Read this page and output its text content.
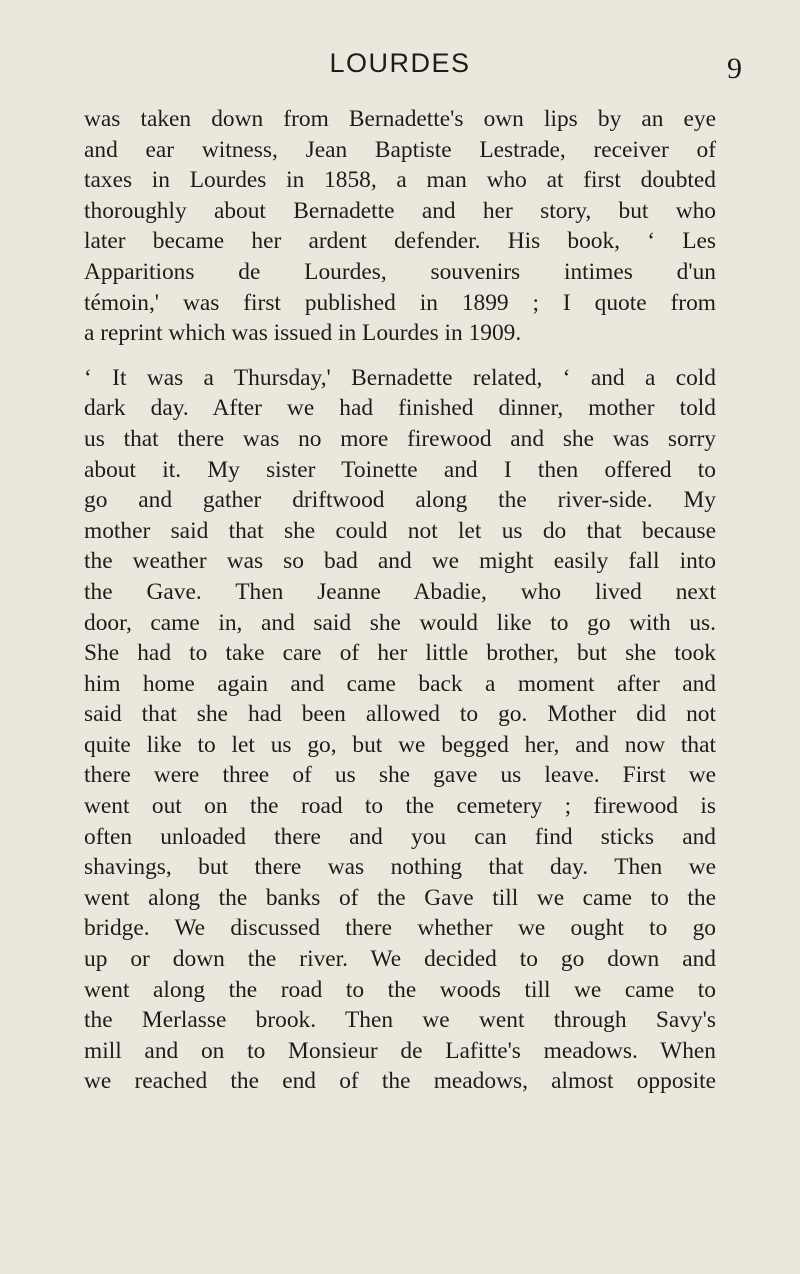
LOURDES	9
was taken down from Bernadette's own lips by an eye
and ear witness, Jean Baptiste Lestrade, receiver of
taxes in Lourdes in 1858, a man who at first doubted
thoroughly about Bernadette and her story, but who
later became her ardent defender. His book, ‘ Les
Apparitions de Lourdes, souvenirs intimes d'un
témoin,' was first published in 1899 ; I quote from
a reprint which was issued in Lourdes in 1909.
‘ It was a Thursday,' Bernadette related, ‘ and a cold
dark day. After we had finished dinner, mother told
us that there was no more firewood and she was sorry
about it. My sister Toinette and I then offered to
go and gather driftwood along the river-side. My
mother said that she could not let us do that because
the weather was so bad and we might easily fall into
the Gave. Then Jeanne Abadie, who lived next
door, came in, and said she would like to go with us.
She had to take care of her little brother, but she took
him home again and came back a moment after and
said that she had been allowed to go. Mother did not
quite like to let us go, but we begged her, and now that
there were three of us she gave us leave. First we
went out on the road to the cemetery ; firewood is
often unloaded there and you can find sticks and
shavings, but there was nothing that day. Then we
went along the banks of the Gave till we came to the
bridge. We discussed there whether we ought to go
up or down the river. We decided to go down and
went along the road to the woods till we came to
the Merlasse brook. Then we went through Savy's
mill and on to Monsieur de Lafitte's meadows. When
we reached the end of the meadows, almost opposite
